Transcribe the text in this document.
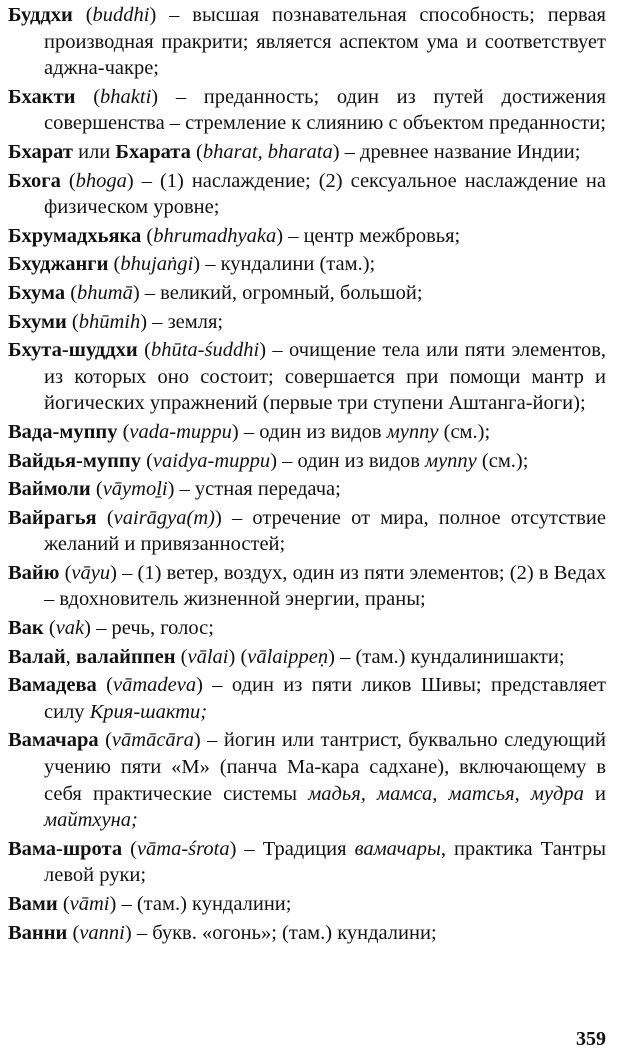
Буддхи (buddhi) – высшая познавательная способность; первая производная пракрити; является аспектом ума и соответствует аджна-чакре;
Бхакти (bhakti) – преданность; один из путей достижения совершенства – стремление к слиянию с объектом преданности;
Бхарат или Бхарата (bharat, bharata) – древнее название Индии;
Бхога (bhoga) – (1) наслаждение; (2) сексуальное наслаждение на физическом уровне;
Бхрумадхьяка (bhrumadhyaka) – центр межбровья;
Бхуджанги (bhujaṅgi) – кундалини (там.);
Бхума (bhumā) – великий, огромный, большой;
Бхуми (bhūmih) – земля;
Бхута-шуддхи (bhūta-śuddhi) – очищение тела или пяти элементов, из которых оно состоит; совершается при помощи мантр и йогических упражнений (первые три ступени Аштанга-йоги);
Вада-муппу (vada-muppu) – один из видов муппу (см.);
Вайдья-муппу (vaidya-muppu) – один из видов муппу (см.);
Ваймоли (vāymoḻi) – устная передача;
Вайрагья (vairāgya(m)) – отречение от мира, полное отсутствие желаний и привязанностей;
Вайю (vāyu) – (1) ветер, воздух, один из пяти элементов; (2) в Ведах – вдохновитель жизненной энергии, праны;
Вак (vak) – речь, голос;
Валай, валайппен (vālai) (vālaippeṇ) – (там.) кундалинишакти;
Вамадева (vāmadeva) – один из пяти ликов Шивы; представляет силу Крия-шакти;
Вамачара (vāmācāra) – йогин или тантрист, буквально следующий учению пяти «М» (панча Ма-кара садхане), включающему в себя практические системы мадья, мамса, матсья, мудра и майтхуна;
Вама-шрота (vāma-śrota) – Традиция вамачары, практика Тантры левой руки;
Вами (vāmi) – (там.) кундалини;
Ванни (vanni) – букв. «огонь»; (там.) кундалини;
359
